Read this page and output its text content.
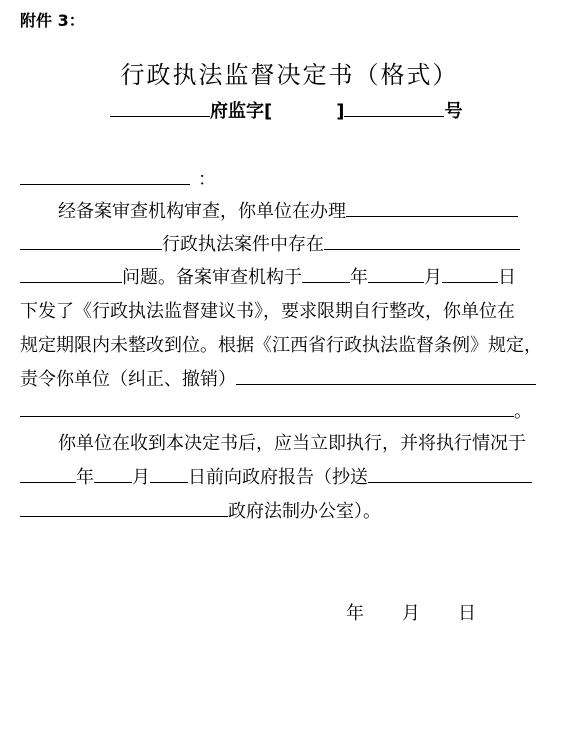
附件 3：
行政执法监督决定书（格式）
府监字[	]	号
：
经备案审查机构审查，你单位在办理
行政执法案件中存在
问题。备案审查机构于	年	月	日
下发了《行政执法监督建议书》，要求限期自行整改，你单位在
规定期限内未整改到位。根据《江西省行政执法监督条例》规定，
责令你单位（纠正、撤销）
。
你单位在收到本决定书后，应当立即执行，并将执行情况于
年 月 日前向政府报告（抄送
政府法制办公室）。
年 月 日
